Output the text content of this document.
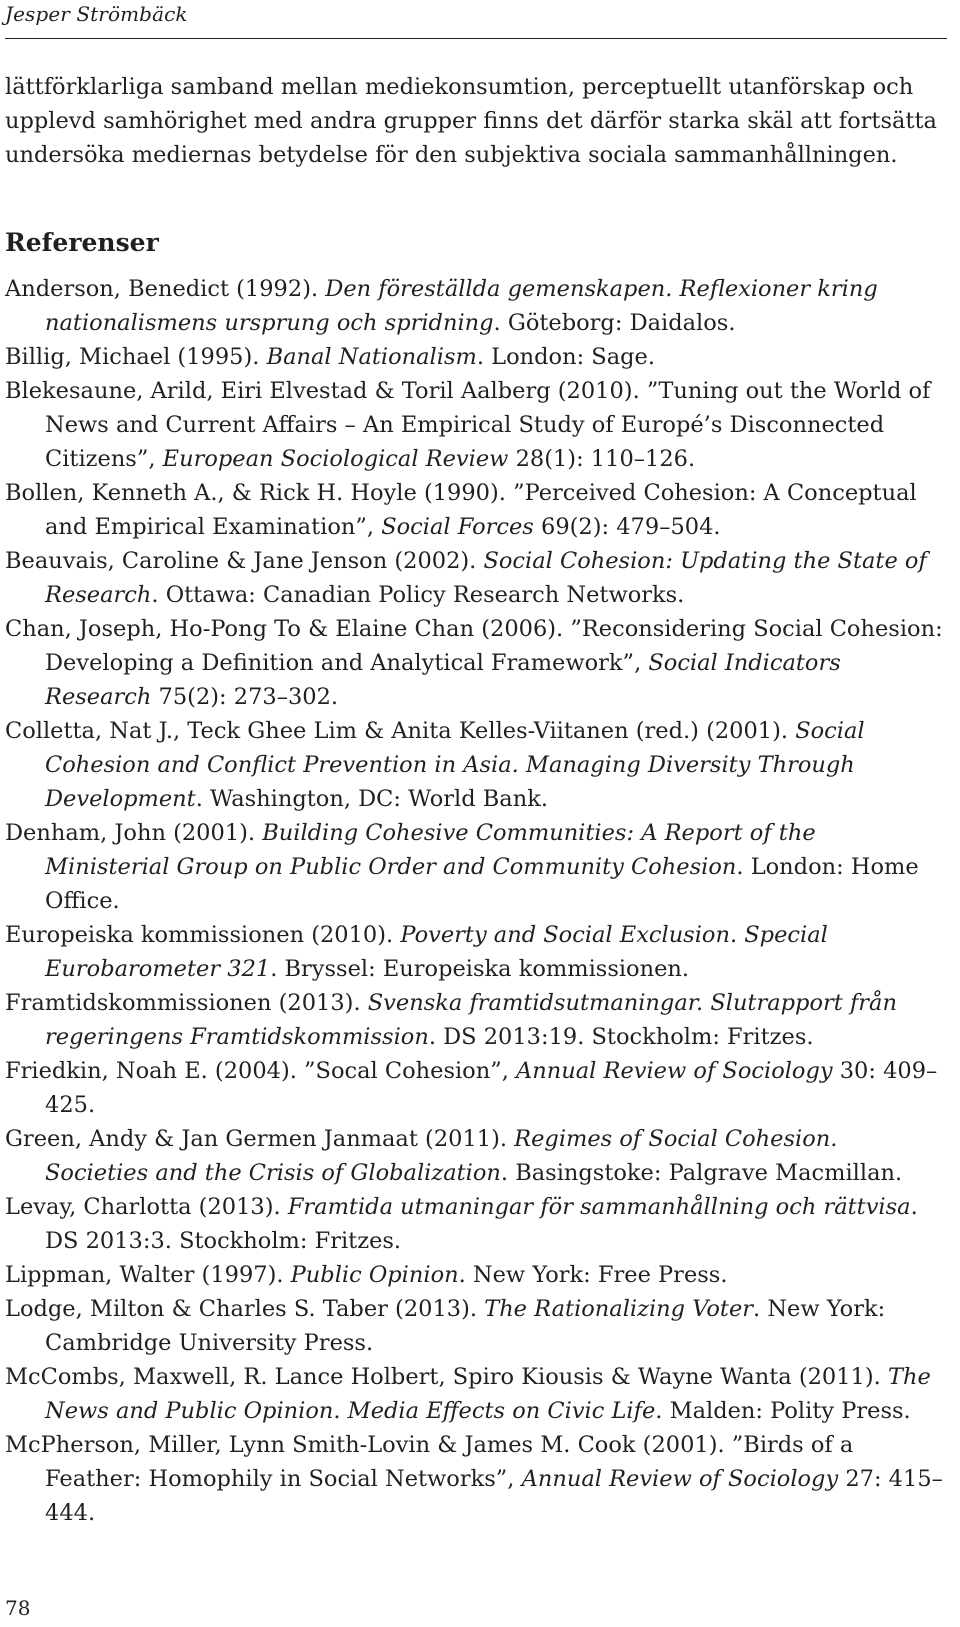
Jesper Strömbäck

lättförklarliga samband mellan mediekonsumtion, perceptuellt utanförskap och upplevd samhörighet med andra grupper finns det därför starka skäl att fortsätta undersöka mediernas betydelse för den subjektiva sociala sammanhållningen.

Referenser
Anderson, Benedict (1992). Den föreställda gemenskapen. Reflexioner kring nationalismens ursprung och spridning. Göteborg: Daidalos.
Billig, Michael (1995). Banal Nationalism. London: Sage.
Blekesaune, Arild, Eiri Elvestad & Toril Aalberg (2010). ”Tuning out the World of News and Current Affairs – An Empirical Study of Europé’s Disconnected Citizens”, European Sociological Review 28(1): 110–126.
Bollen, Kenneth A., & Rick H. Hoyle (1990). ”Perceived Cohesion: A Conceptual and Empirical Examination”, Social Forces 69(2): 479–504.
Beauvais, Caroline & Jane Jenson (2002). Social Cohesion: Updating the State of Research. Ottawa: Canadian Policy Research Networks.
Chan, Joseph, Ho-Pong To & Elaine Chan (2006). ”Reconsidering Social Cohesion: Developing a Definition and Analytical Framework”, Social Indicators Research 75(2): 273–302.
Colletta, Nat J., Teck Ghee Lim & Anita Kelles-Viitanen (red.) (2001). Social Cohesion and Conflict Prevention in Asia. Managing Diversity Through Development. Washington, DC: World Bank.
Denham, John (2001). Building Cohesive Communities: A Report of the Ministerial Group on Public Order and Community Cohesion. London: Home Office.
Europeiska kommissionen (2010). Poverty and Social Exclusion. Special Eurobarometer 321. Bryssel: Europeiska kommissionen.
Framtidskommissionen (2013). Svenska framtidsutmaningar. Slutrapport från regeringens Framtidskommission. DS 2013:19. Stockholm: Fritzes.
Friedkin, Noah E. (2004). ”Socal Cohesion”, Annual Review of Sociology 30: 409–425.
Green, Andy & Jan Germen Janmaat (2011). Regimes of Social Cohesion. Societies and the Crisis of Globalization. Basingstoke: Palgrave Macmillan.
Levay, Charlotta (2013). Framtida utmaningar för sammanhållning och rättvisa. DS 2013:3. Stockholm: Fritzes.
Lippman, Walter (1997). Public Opinion. New York: Free Press.
Lodge, Milton & Charles S. Taber (2013). The Rationalizing Voter. New York: Cambridge University Press.
McCombs, Maxwell, R. Lance Holbert, Spiro Kiousis & Wayne Wanta (2011). The News and Public Opinion. Media Effects on Civic Life. Malden: Polity Press.
McPherson, Miller, Lynn Smith-Lovin & James M. Cook (2001). ”Birds of a Feather: Homophily in Social Networks”, Annual Review of Sociology 27: 415–444.
78
